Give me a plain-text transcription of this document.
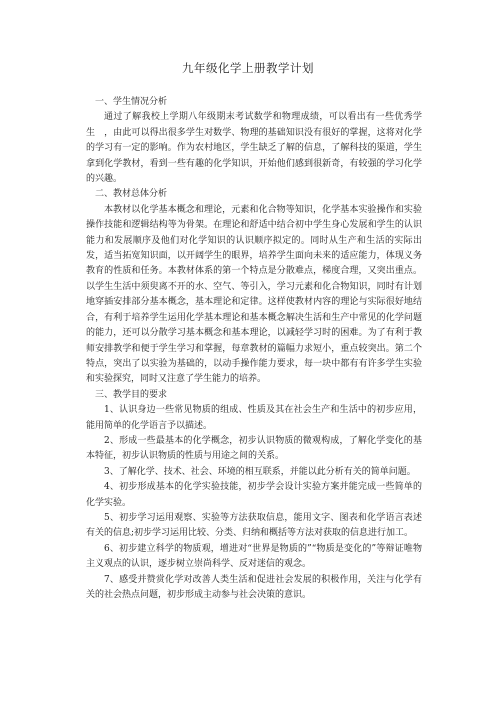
九年级化学上册教学计划

一、学生情况分析

通过了解我校上学期八年级期末考试数学和物理成绩，可以看出有一些优秀学生　，由此可以得出很多学生对数学、物理的基础知识没有很好的掌握，这将对化学的学习有一定的影响。作为农村地区，学生缺乏了解的信息，了解科技的渠道，学生拿到化学教材，看到一些有趣的化学知识，开始他们感到很新奇，有较强的学习化学的兴趣。

二、教材总体分析

本教材以化学基本概念和理论，元素和化合物等知识，化学基本实验操作和实验操作技能和逻辑结构等为骨架。在理论和舒适中结合初中学生身心发展和学生的认识能力和发展顺序及他们对化学知识的认识顺序拟定的。同时从生产和生活的实际出发，适当拓宽知识面，以开阔学生的眼界，培养学生面向未来的适应能力，体现义务教育的性质和任务。本教材体系的第一个特点是分散难点，梯度合理，又突出重点。以学生生活中须臾离不开的水、空气、等引入，学习元素和化合物知识，同时有计划地穿插安排部分基本概念，基本理论和定律。这样使教材内容的理论与实际很好地结合，有利于培养学生运用化学基本理论和基本概念解决生活和生产中常见的化学问题的能力，还可以分散学习基本概念和基本理论，以减轻学习时的困难。为了有利于教师安排教学和便于学生学习和掌握，每章教材的篇幅力求短小，重点较突出。第二个特点，突出了以实验为基础的，以动手操作能力要求，每一块中都有有许多学生实验和实验探究，同时又注意了学生能力的培养。

三、教学目的要求

1、认识身边一些常见物质的组成、性质及其在社会生产和生活中的初步应用，能用简单的化学语言予以描述。

2、形成一些最基本的化学概念，初步认识物质的微观构成，了解化学变化的基本特征，初步认识物质的性质与用途之间的关系。

3、了解化学、技术、社会、环境的相互联系，并能以此分析有关的简单问题。

4、初步形成基本的化学实验技能，初步学会设计实验方案并能完成一些简单的化学实验。

5、初步学习运用观察、实验等方法获取信息，能用文字、图表和化学语言表述有关的信息;初步学习运用比较、分类、归纳和概括等方法对获取的信息进行加工。

6、初步建立科学的物质观，增进对“世界是物质的”“物质是变化的”等辩证唯物主义观点的认识，逐步树立崇尚科学、反对迷信的观念。

7、感受并赞赏化学对改善人类生活和促进社会发展的积极作用，关注与化学有关的社会热点问题，初步形成主动参与社会决策的意识。
